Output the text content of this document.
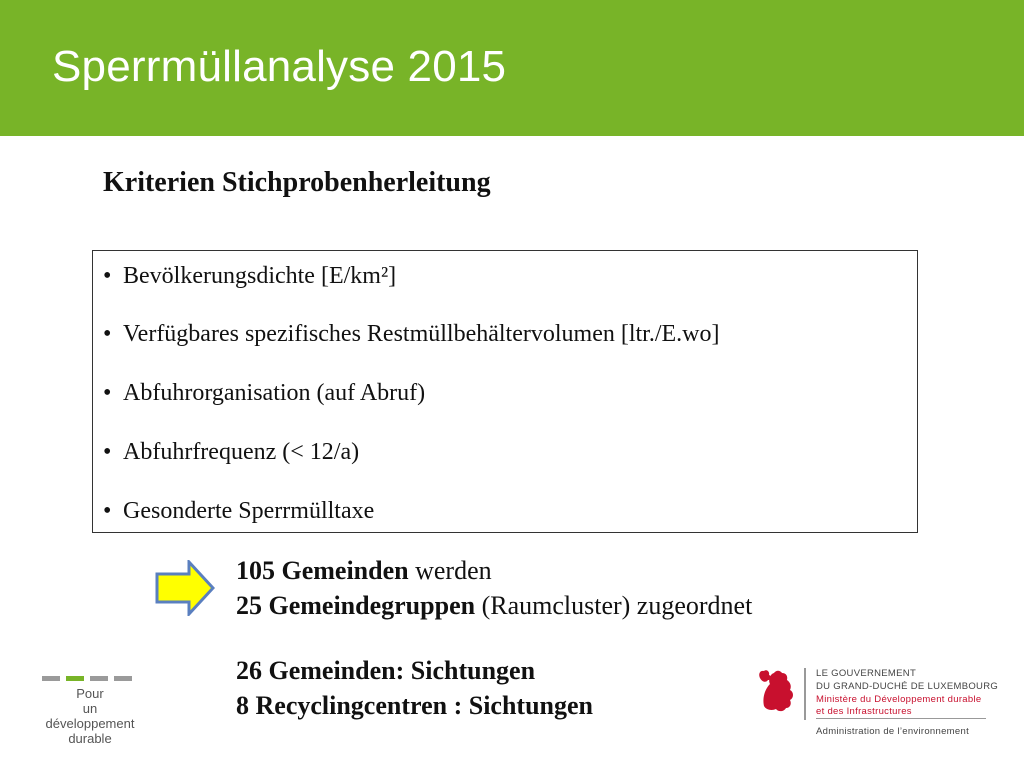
Sperrmüllanalyse 2015
Kriterien Stichprobenherleitung
• Bevölkerungsdichte [E/km²]
• Verfügbares spezifisches Restmüllbehältervolumen [ltr./E.wo]
• Abfuhrorganisation (auf Abruf)
• Abfuhrfrequenz (< 12/a)
• Gesonderte Sperrmülltaxe
105 Gemeinden werden
25 Gemeindegruppen (Raumcluster) zugeordnet
26 Gemeinden: Sichtungen
8 Recyclingcentren : Sichtungen
Pour
un développement
durable
LE GOUVERNEMENT
DU GRAND-DUCHÉ DE LUXEMBOURG
Ministère du Développement durable
et des Infrastructures
Administration de l’environnement
